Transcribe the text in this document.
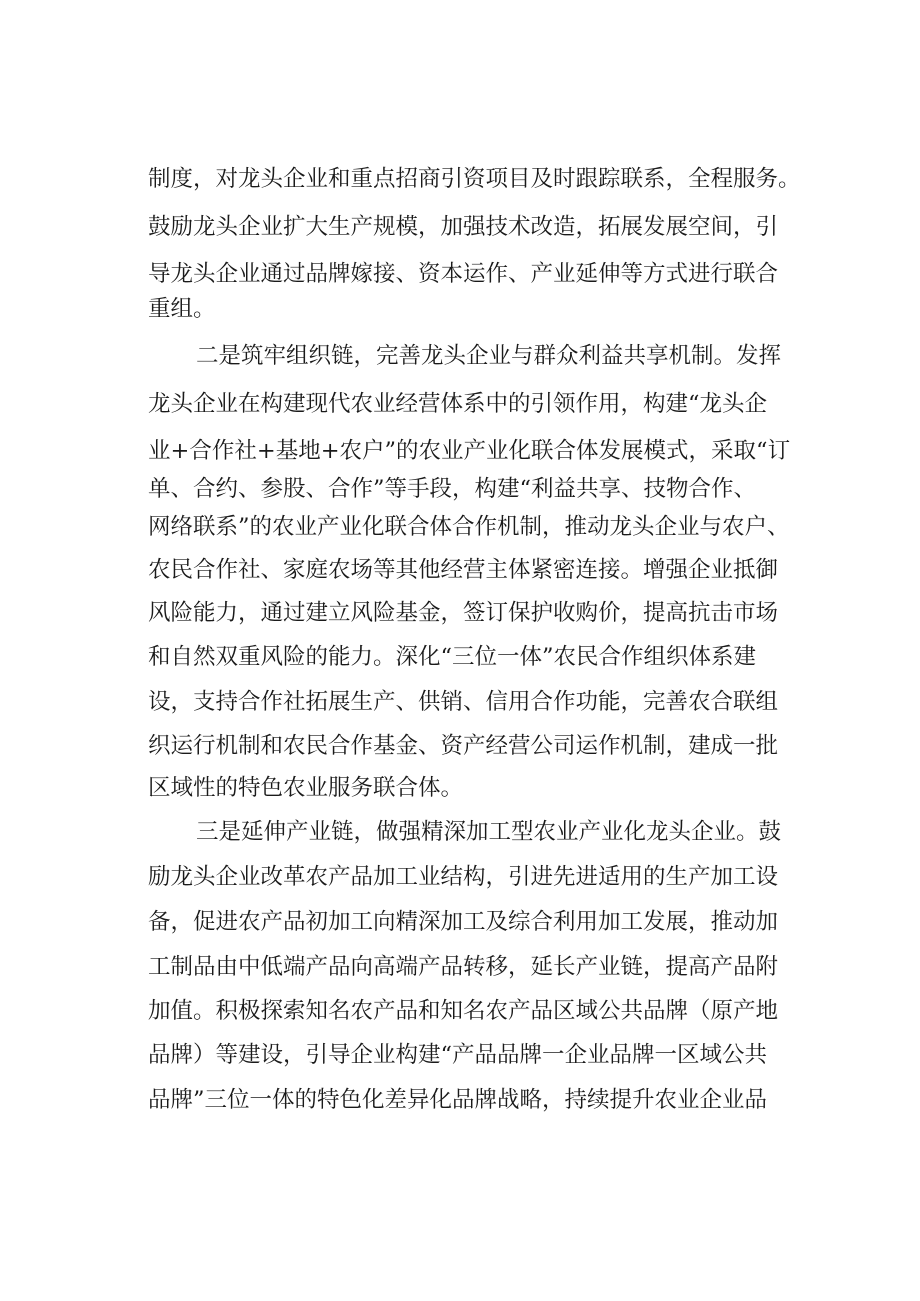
制度，对龙头企业和重点招商引资项目及时跟踪联系，全程服务。
鼓励龙头企业扩大生产规模，加强技术改造，拓展发展空间，引
导龙头企业通过品牌嫁接、资本运作、产业延伸等方式进行联合
重组。
二是筑牢组织链，完善龙头企业与群众利益共享机制。发挥
龙头企业在构建现代农业经营体系中的引领作用，构建“龙头企
业+合作社+基地+农户”的农业产业化联合体发展模式，采取“订
单、合约、参股、合作”等手段，构建“利益共享、技物合作、
网络联系”的农业产业化联合体合作机制，推动龙头企业与农户、
农民合作社、家庭农场等其他经营主体紧密连接。增强企业抵御
风险能力，通过建立风险基金，签订保护收购价，提高抗击市场
和自然双重风险的能力。深化“三位一体”农民合作组织体系建
设，支持合作社拓展生产、供销、信用合作功能，完善农合联组
织运行机制和农民合作基金、资产经营公司运作机制，建成一批
区域性的特色农业服务联合体。
三是延伸产业链，做强精深加工型农业产业化龙头企业。鼓
励龙头企业改革农产品加工业结构，引进先进适用的生产加工设
备，促进农产品初加工向精深加工及综合利用加工发展，推动加
工制品由中低端产品向高端产品转移，延长产业链，提高产品附
加值。积极探索知名农产品和知名农产品区域公共品牌（原产地
品牌）等建设，引导企业构建“产品品牌一企业品牌一区域公共
品牌”三位一体的特色化差异化品牌战略，持续提升农业企业品
